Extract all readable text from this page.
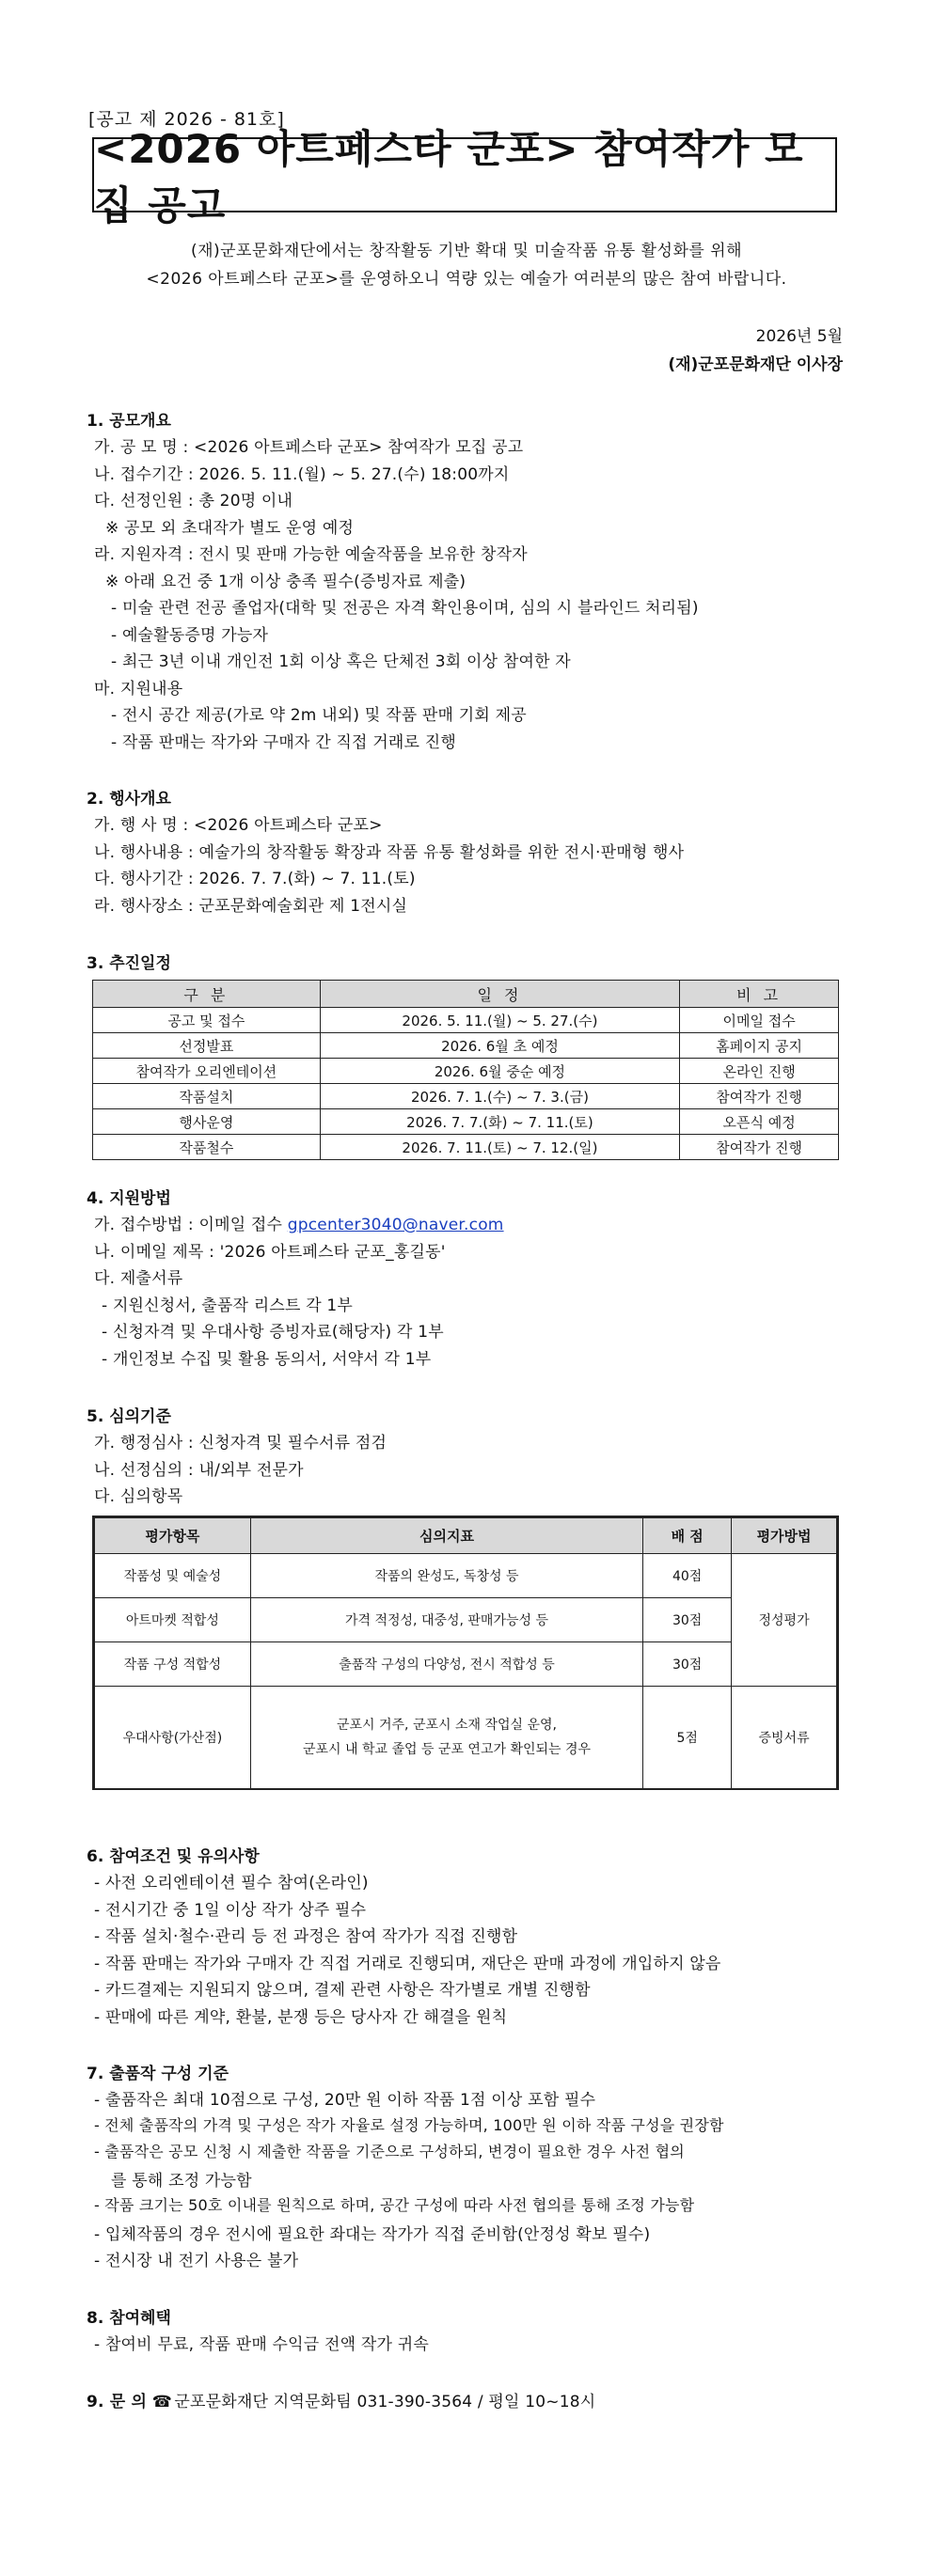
[공고 제 2026 - 81호]
<2026 아트페스타 군포> 참여작가 모집 공고
(재)군포문화재단에서는 창작활동 기반 확대 및 미술작품 유통 활성화를 위해
<2026 아트페스타 군포>를 운영하오니 역량 있는 예술가 여러분의 많은 참여 바랍니다.
2026년 5월
(재)군포문화재단 이사장
1. 공모개요
가. 공 모 명 : <2026 아트페스타 군포> 참여작가 모집 공고
나. 접수기간 : 2026. 5. 11.(월) ~ 5. 27.(수) 18:00까지
다. 선정인원 : 총 20명 이내
※ 공모 외 초대작가 별도 운영 예정
라. 지원자격 : 전시 및 판매 가능한 예술작품을 보유한 창작자
※ 아래 요건 중 1개 이상 충족 필수(증빙자료 제출)
- 미술 관련 전공 졸업자(대학 및 전공은 자격 확인용이며, 심의 시 블라인드 처리됨)
- 예술활동증명 가능자
- 최근 3년 이내 개인전 1회 이상 혹은 단체전 3회 이상 참여한 자
마. 지원내용
- 전시 공간 제공(가로 약 2m 내외) 및 작품 판매 기회 제공
- 작품 판매는 작가와 구매자 간 직접 거래로 진행
2. 행사개요
가. 행 사 명 : <2026 아트페스타 군포>
나. 행사내용 : 예술가의 창작활동 확장과 작품 유통 활성화를 위한 전시·판매형 행사
다. 행사기간 : 2026. 7. 7.(화) ~ 7. 11.(토)
라. 행사장소 : 군포문화예술회관 제 1전시실
3. 추진일정
구 분	일 정	비 고
공고 및 접수	2026. 5. 11.(월) ~ 5. 27.(수)	이메일 접수
선정발표	2026. 6월 초 예정	홈페이지 공지
참여작가 오리엔테이션	2026. 6월 중순 예정	온라인 진행
작품설치	2026. 7. 1.(수) ~ 7. 3.(금)	참여작가 진행
행사운영	2026. 7. 7.(화) ~ 7. 11.(토)	오픈식 예정
작품철수	2026. 7. 11.(토) ~ 7. 12.(일)	참여작가 진행
4. 지원방법
가. 접수방법 : 이메일 접수 gpcenter3040@naver.com
나. 이메일 제목 : '2026 아트페스타 군포_홍길동'
다. 제출서류
- 지원신청서, 출품작 리스트 각 1부
- 신청자격 및 우대사항 증빙자료(해당자) 각 1부
- 개인정보 수집 및 활용 동의서, 서약서 각 1부
5. 심의기준
가. 행정심사 : 신청자격 및 필수서류 점검
나. 선정심의 : 내/외부 전문가
다. 심의항목
평가항목	심의지표	배 점	평가방법
작품성 및 예술성	작품의 완성도, 독창성 등	40점	정성평가
아트마켓 적합성	가격 적정성, 대중성, 판매가능성 등	30점	
작품 구성 적합성	출품작 구성의 다양성, 전시 적합성 등	30점	
우대사항(가산점)	군포시 거주, 군포시 소재 작업실 운영,
군포시 내 학교 졸업 등 군포 연고가 확인되는 경우	5점	증빙서류
6. 참여조건 및 유의사항
- 사전 오리엔테이션 필수 참여(온라인)
- 전시기간 중 1일 이상 작가 상주 필수
- 작품 설치·철수·관리 등 전 과정은 참여 작가가 직접 진행함
- 작품 판매는 작가와 구매자 간 직접 거래로 진행되며, 재단은 판매 과정에 개입하지 않음
- 카드결제는 지원되지 않으며, 결제 관련 사항은 작가별로 개별 진행함
- 판매에 따른 계약, 환불, 분쟁 등은 당사자 간 해결을 원칙
7. 출품작 구성 기준
- 출품작은 최대 10점으로 구성, 20만 원 이하 작품 1점 이상 포함 필수
- 전체 출품작의 가격 및 구성은 작가 자율로 설정 가능하며, 100만 원 이하 작품 구성을 권장함
- 출품작은 공모 신청 시 제출한 작품을 기준으로 구성하되, 변경이 필요한 경우 사전 협의
를 통해 조정 가능함
- 작품 크기는 50호 이내를 원칙으로 하며, 공간 구성에 따라 사전 협의를 통해 조정 가능함
- 입체작품의 경우 전시에 필요한 좌대는 작가가 직접 준비함(안정성 확보 필수)
- 전시장 내 전기 사용은 불가
8. 참여혜택
- 참여비 무료, 작품 판매 수익금 전액 작가 귀속
9. 문 의 ☎ 군포문화재단 지역문화팀 031-390-3564 / 평일 10~18시
